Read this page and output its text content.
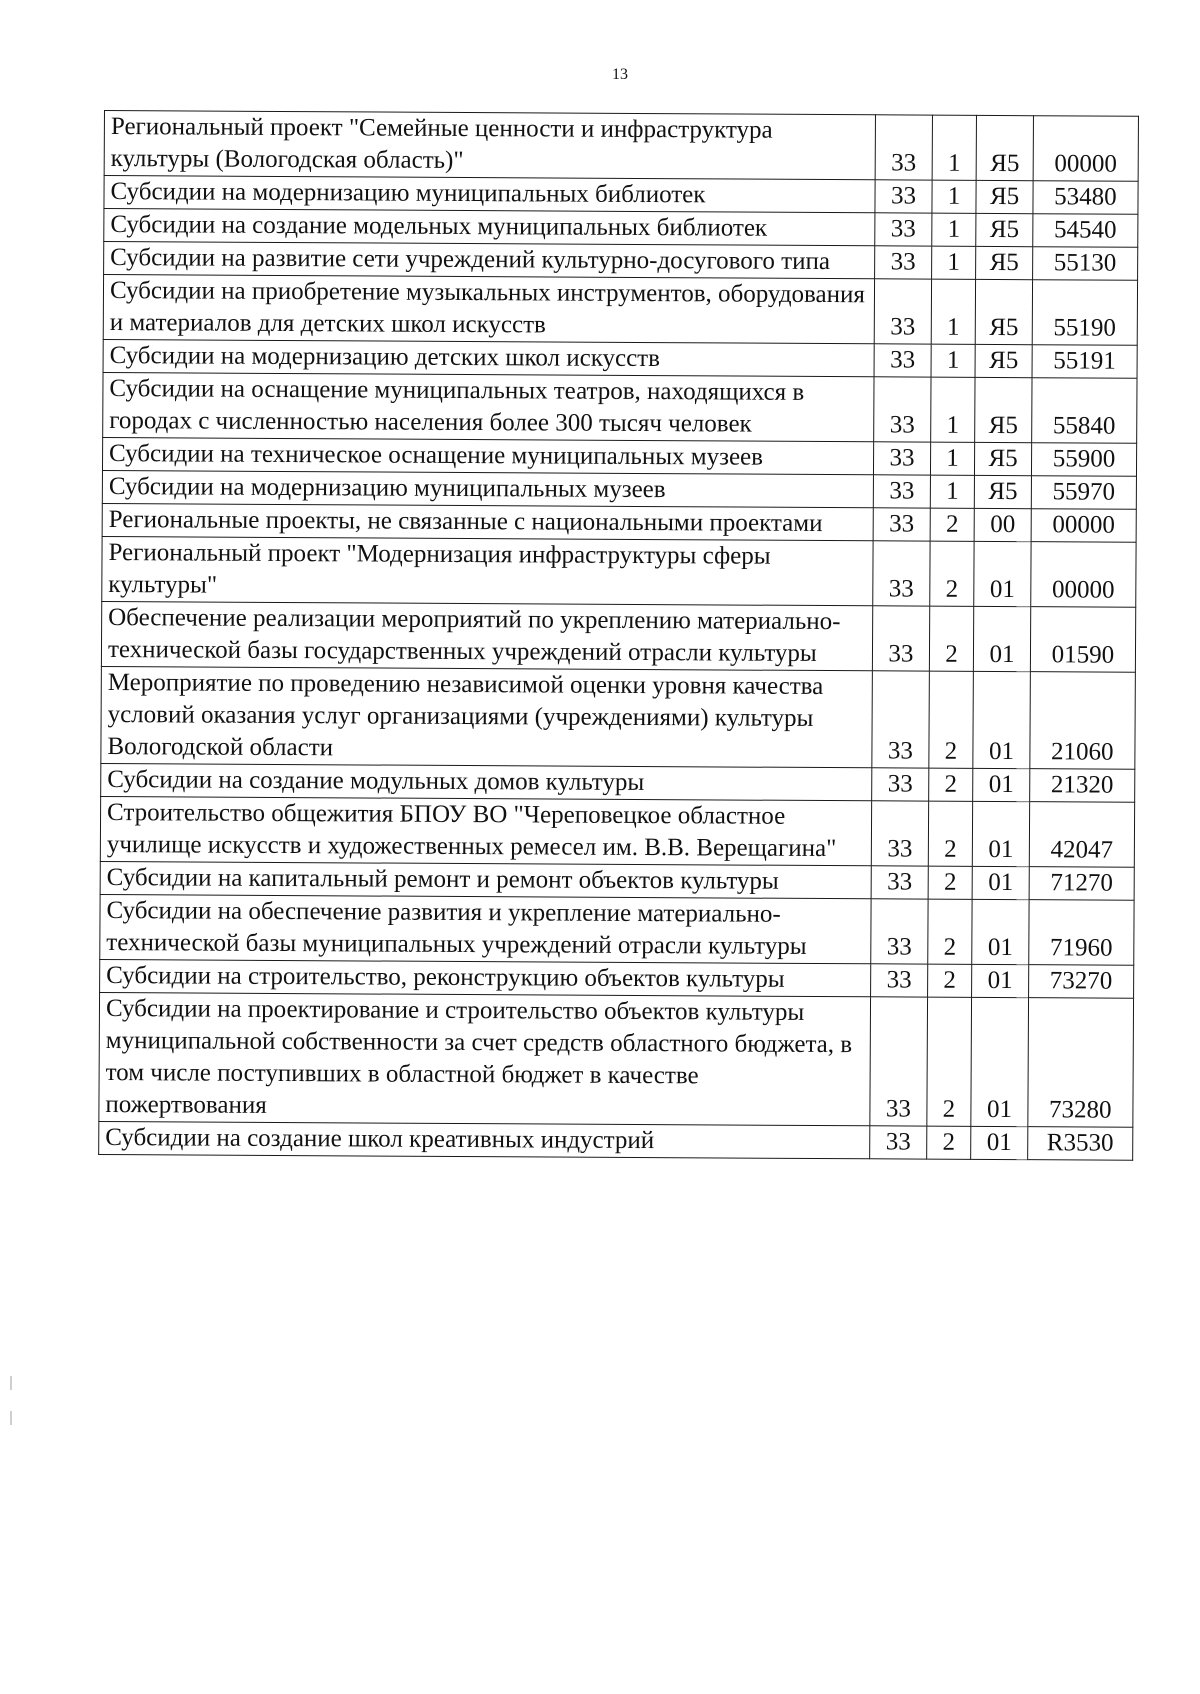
13
Региональный проект "Семейные ценности и инфраструктура культуры (Вологодская область)"	33	1	Я5	00000
Субсидии на модернизацию муниципальных библиотек	33	1	Я5	53480
Субсидии на создание модельных муниципальных библиотек	33	1	Я5	54540
Субсидии на развитие сети учреждений культурно-досугового типа	33	1	Я5	55130
Субсидии на приобретение музыкальных инструментов, оборудования и материалов для детских школ искусств	33	1	Я5	55190
Субсидии на модернизацию детских школ искусств	33	1	Я5	55191
Субсидии на оснащение муниципальных театров, находящихся в городах с численностью населения более 300 тысяч человек	33	1	Я5	55840
Субсидии на техническое оснащение муниципальных музеев	33	1	Я5	55900
Субсидии на модернизацию муниципальных музеев	33	1	Я5	55970
Региональные проекты, не связанные с национальными проектами	33	2	00	00000
Региональный проект "Модернизация инфраструктуры сферы культуры"	33	2	01	00000
Обеспечение реализации мероприятий по укреплению материально-технической базы государственных учреждений отрасли культуры	33	2	01	01590
Мероприятие по проведению независимой оценки уровня качества условий оказания услуг организациями (учреждениями) культуры Вологодской области	33	2	01	21060
Субсидии на создание модульных домов культуры	33	2	01	21320
Строительство общежития БПОУ ВО "Череповецкое областное училище искусств и художественных ремесел им. В.В. Верещагина"	33	2	01	42047
Субсидии на капитальный ремонт и ремонт объектов культуры	33	2	01	71270
Субсидии на обеспечение развития и укрепление материально-технической базы муниципальных учреждений отрасли культуры	33	2	01	71960
Субсидии на строительство, реконструкцию объектов культуры	33	2	01	73270
Субсидии на проектирование и строительство объектов культуры муниципальной собственности за счет средств областного бюджета, в том числе поступивших в областной бюджет в качестве пожертвования	33	2	01	73280
Субсидии на создание школ креативных индустрий	33	2	01	R3530
